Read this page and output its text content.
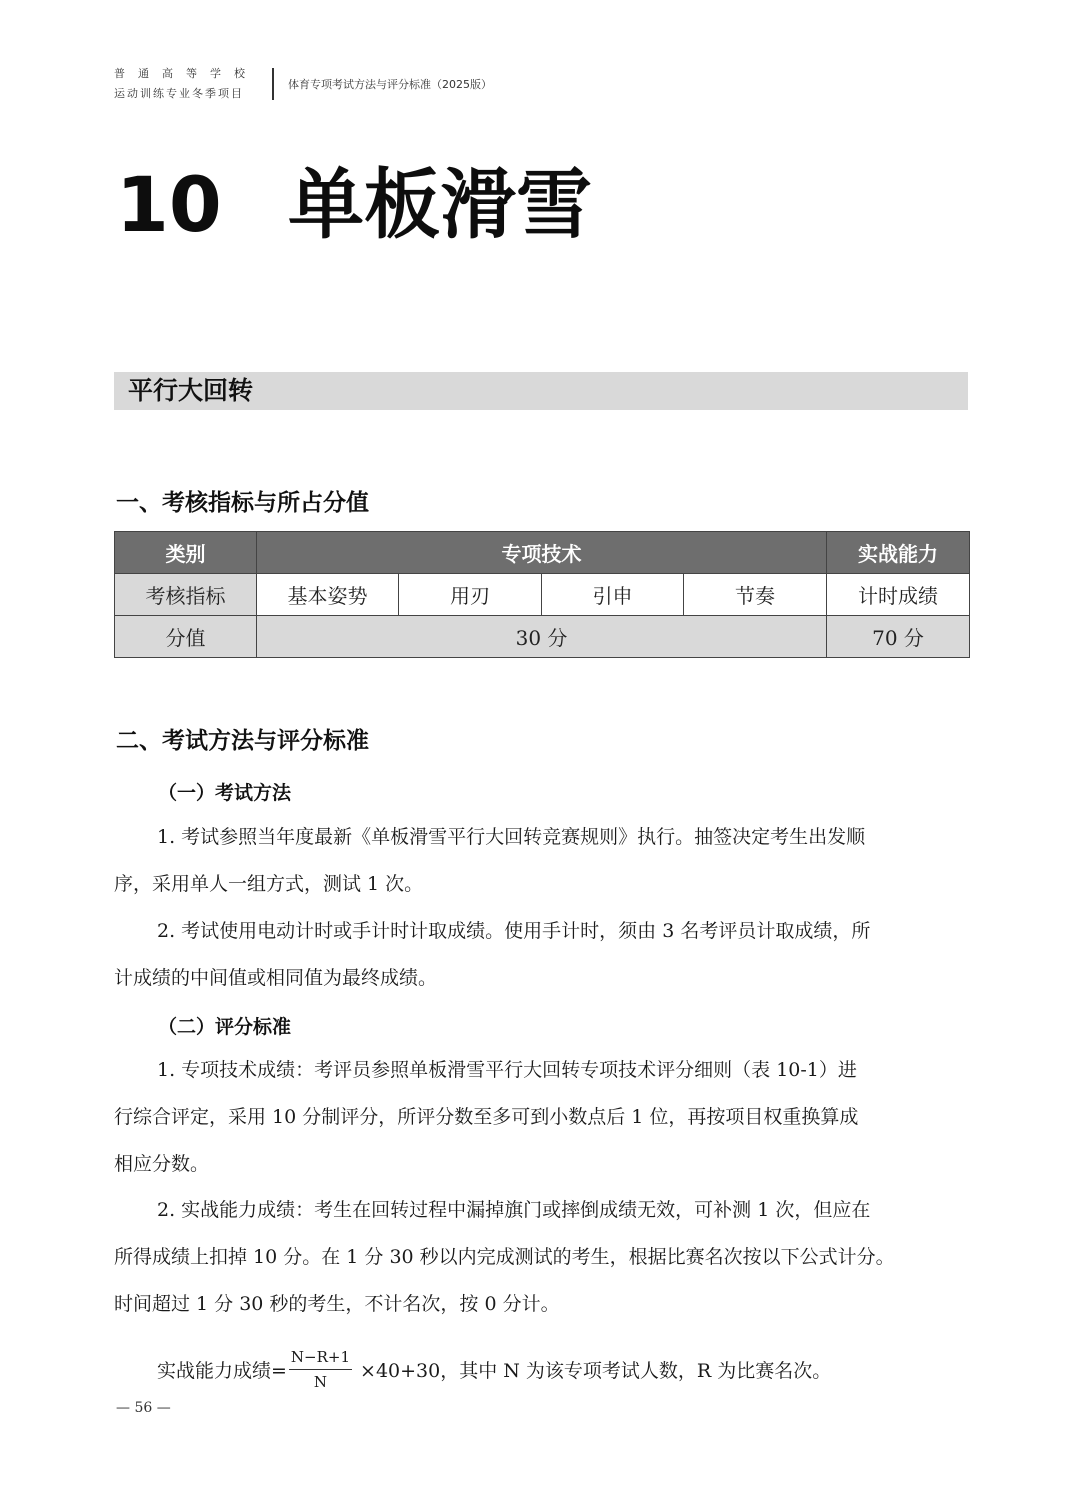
普通高等学校
运动训练专业冬季项目
体育专项考试方法与评分标准（2025版）
10 单板滑雪
平行大回转
一、考核指标与所占分值
类别	专项技术				实战能力
考核指标	基本姿势	用刃	引申	节奏	计时成绩
分值	30 分				70 分
二、考试方法与评分标准
（一）考试方法

1. 考试参照当年度最新《单板滑雪平行大回转竞赛规则》执行。抽签决定考生出发顺
序，采用单人一组方式，测试 1 次。

2. 考试使用电动计时或手计时计取成绩。使用手计时，须由 3 名考评员计取成绩，所
计成绩的中间值或相同值为最终成绩。

（二）评分标准

1. 专项技术成绩：考评员参照单板滑雪平行大回转专项技术评分细则（表 10-1）进
行综合评定，采用 10 分制评分，所评分数至多可到小数点后 1 位，再按项目权重换算成
相应分数。

2. 实战能力成绩：考生在回转过程中漏掉旗门或摔倒成绩无效，可补测 1 次，但应在
所得成绩上扣掉 10 分。在 1 分 30 秒以内完成测试的考生，根据比赛名次按以下公式计分。
时间超过 1 分 30 秒的考生，不计名次，按 0 分计。

实战能力成绩= $\frac{N-R+1}{N} \times 40+30$，其中 N 为该专项考试人数，R 为比赛名次。
— 56 —
